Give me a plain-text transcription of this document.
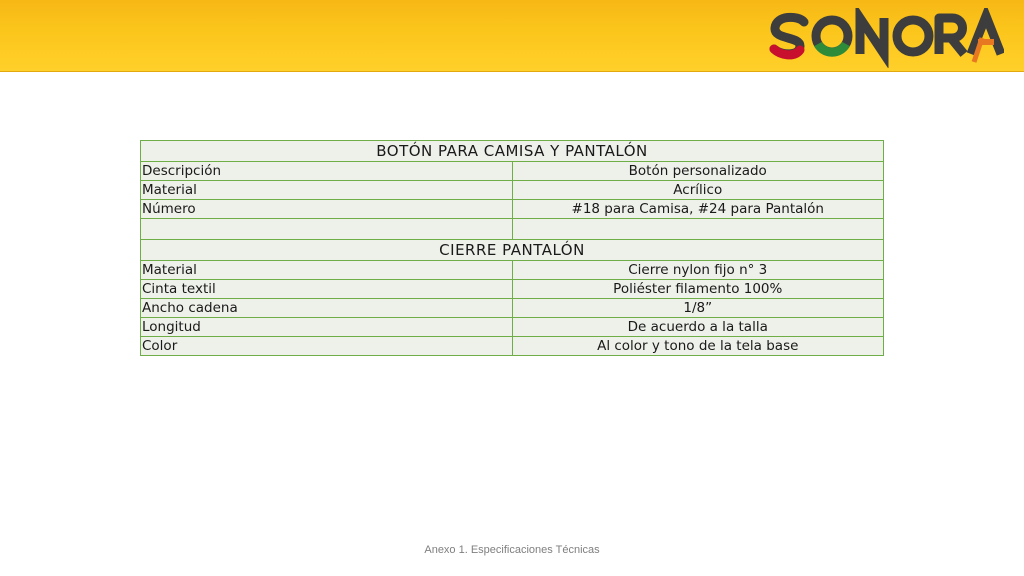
BOTÓN PARA CAMISA Y PANTALÓN	
Descripción	Botón personalizado
Material	Acrílico
Número	#18 para Camisa, #24 para Pantalón

CIERRE PANTALÓN	
Material	Cierre nylon fijo n° 3
Cinta textil	Poliéster filamento 100%
Ancho cadena	1/8”
Longitud	De acuerdo a la talla
Color	Al color y tono de la tela base
Anexo 1. Especificaciones Técnicas
